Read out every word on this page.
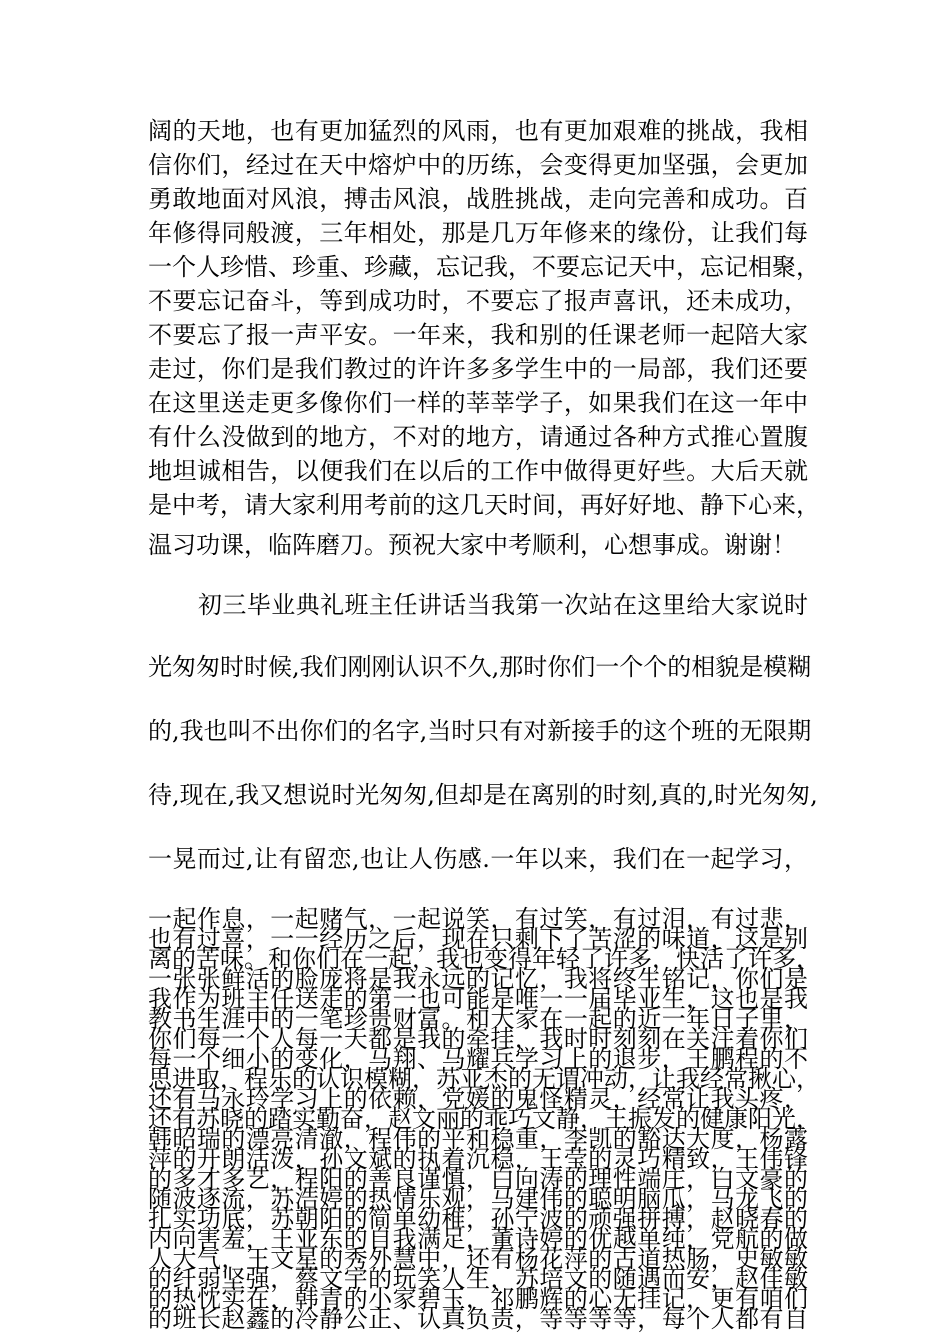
阔的天地，也有更加猛烈的风雨，也有更加艰难的挑战，我相
信你们，经过在天中熔炉中的历练，会变得更加坚强，会更加
勇敢地面对风浪，搏击风浪，战胜挑战，走向完善和成功。百
年修得同般渡，三年相处，那是几万年修来的缘份，让我们每
一个人珍惜、珍重、珍藏，忘记我，不要忘记天中，忘记相聚，
不要忘记奋斗，等到成功时，不要忘了报声喜讯，还未成功，
不要忘了报一声平安。一年来，我和别的任课老师一起陪大家
走过，你们是我们教过的许许多多学生中的一局部，我们还要
在这里送走更多像你们一样的莘莘学子，如果我们在这一年中
有什么没做到的地方，不对的地方，请通过各种方式推心置腹
地坦诚相告，以便我们在以后的工作中做得更好些。大后天就
是中考，请大家利用考前的这几天时间，再好好地、静下心来，
温习功课，临阵磨刀。预祝大家中考顺利，心想事成。谢谢！
初三毕业典礼班主任讲话当我第一次站在这里给大家说时
光匆匆时时候,我们刚刚认识不久,那时你们一个个的相貌是模糊
的,我也叫不出你们的名字,当时只有对新接手的这个班的无限期
待,现在,我又想说时光匆匆,但却是在离别的时刻,真的,时光匆匆,
一晃而过,让有留恋,也让人伤感.一年以来，我们在一起学习，
一起作息，一起赌气，一起说笑，有过笑，有过泪，有过悲，
也有过喜，一一经历之后，现在只剩下了苦涩的味道，这是别
离的苦味。和你们在一起，我也变得年轻了许多，快活了许多，
一张张鲜活的脸庞将是我永远的记忆，我将终生铭记，你们是
我作为班主任送走的第一也可能是唯一一届毕业生，这也是我
教书生涯中的一笔珍贵财富。和大家在一起的近一年日子里，
你们每一个人每一天都是我的牵挂，我时时刻刻在关注着你们
每一个细小的变化，马翔、马耀兵学习上的退步，王鹏程的不
思进取，程乐的认识模糊，苏亚杰的无谓冲动，让我经常揪心，
还有马永玲学习上的依赖，党媛的鬼怪精灵，经常让我头疼，
还有苏晓的踏实勤奋，赵文丽的乖巧文静，王振发的健康阳光，
韩昭瑞的漂亮清澈，程伟的平和稳重，李凯的豁达大度，杨露
萍的开朗活泼，孙文斌的执着沉稳，王莹的灵巧精致，王伟锋
的多才多艺，程阳的善良谨慎，白向涛的理性端庄，白文豪的
随波逐流，苏浩婷的热情乐观，马建伟的聪明脑瓜，马龙飞的
扎实功底，苏朝阳的简单幼稚，孙宁波的顽强拼搏，赵晓春的
内向害羞，王亚东的自我满足，董诗婷的优越单纯，党航的做
人大气，王文星的秀外慧中，还有杨花萍的古道热肠，史敏敏
的纤弱坚强，蔡文宇的玩笑人生，苏培文的随遇而安，赵佳敏
的热忱实在，韩青的小家碧玉，祁鹏辉的心无挂记，更有咱们
的班长赵鑫的冷静公正、认真负责，等等等等，每个人都有自
